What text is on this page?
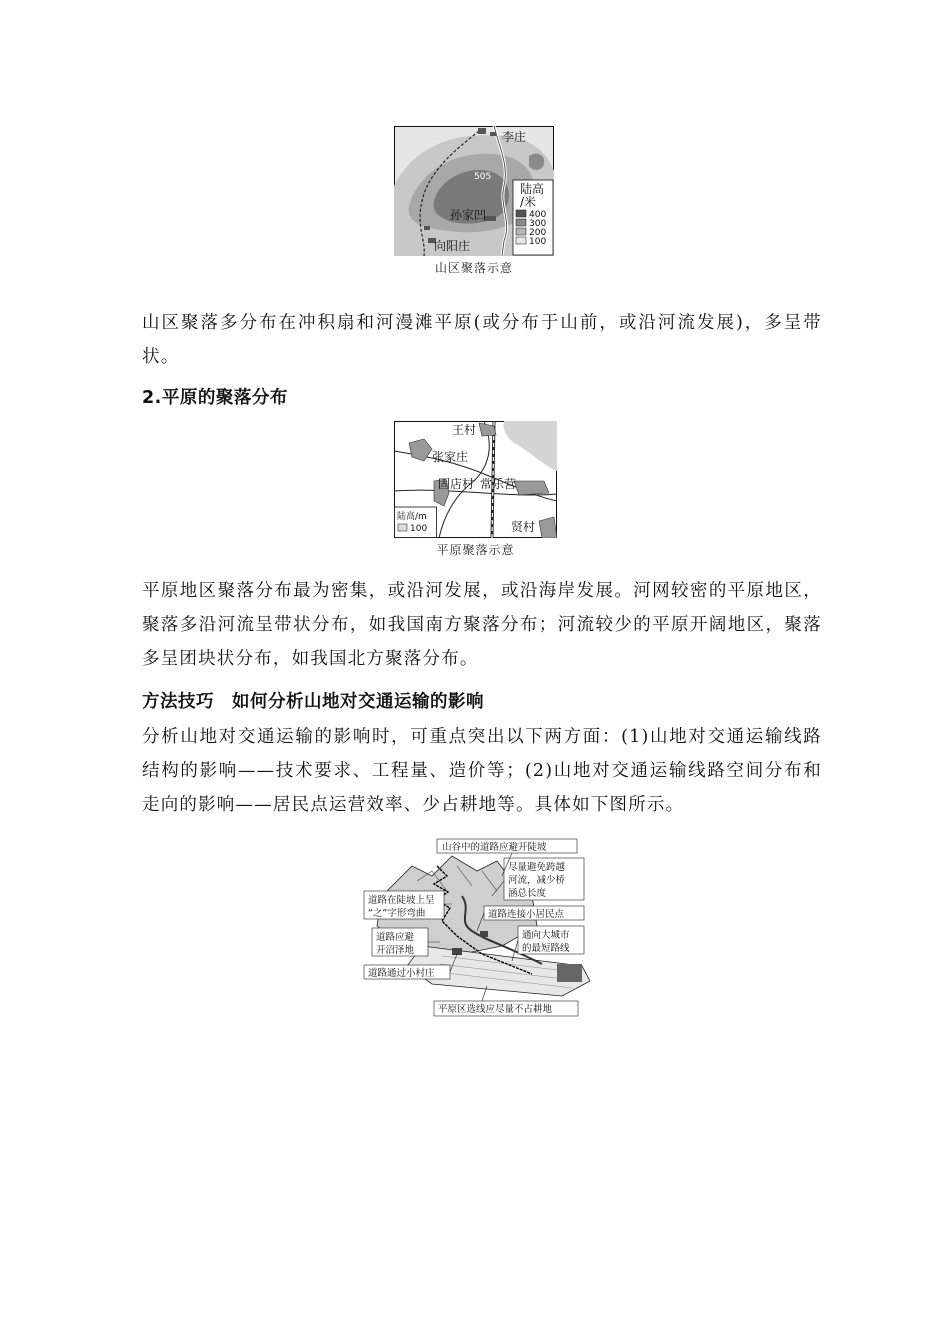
李庄
505
孙家凹
向阳庄
陆高
/米
400
300
200
100
山区聚落示意
山区聚落多分布在冲积扇和河漫滩平原(或分布于山前，或沿河流发展)，多呈带状。
2.平原的聚落分布
王村
张家庄
固店村 常乐营
贤村
陆高/m
100
平原聚落示意
平原地区聚落分布最为密集，或沿河发展，或沿海岸发展。河网较密的平原地区，聚落多沿河流呈带状分布，如我国南方聚落分布；河流较少的平原开阔地区，聚落多呈团块状分布，如我国北方聚落分布。
方法技巧　如何分析山地对交通运输的影响
分析山地对交通运输的影响时，可重点突出以下两方面：(1)山地对交通运输线路结构的影响——技术要求、工程量、造价等；(2)山地对交通运输线路空间分布和走向的影响——居民点运营效率、少占耕地等。具体如下图所示。
山谷中的道路应避开陡坡
尽量避免跨越
河流，减少桥
涵总长度
道路在陡坡上呈
“之”字形弯曲	道路连接小居民点
道路应避
开沼泽地
通向大城市
的最短路线
道路通过小村庄
平原区选线应尽量不占耕地
